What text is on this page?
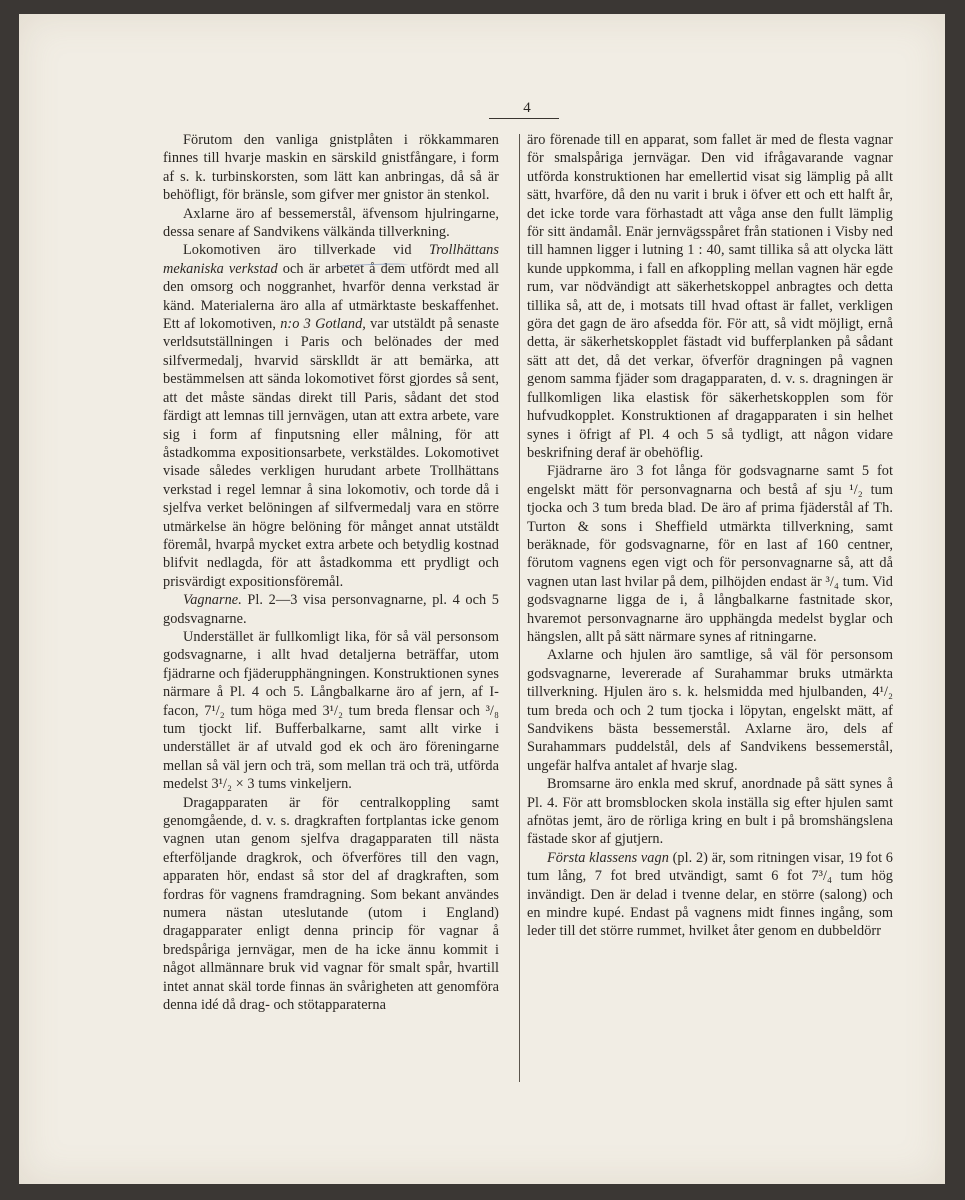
4

Förutom den vanliga gnistplåten i rökkammaren finnes till hvarje maskin en särskild gnistfångare, i form af s. k. turbinskorsten, som lätt kan anbringas, då så är behöfligt, för bränsle, som gifver mer gnistor än stenkol.

Axlarne äro af bessemerstål, äfvensom hjulringarne, dessa senare af Sandvikens välkända tillverkning.

Lokomotiven äro tillverkade vid Trollhättans mekaniska verkstad och är arbetet å dem utfördt med all den omsorg och noggranhet, hvarför denna verkstad är känd. Materialerna äro alla af utmärktaste beskaffenhet. Ett af lokomotiven, n:o 3 Gotland, var utstäldt på senaste verldsutställningen i Paris och belönades der med silfvermedalj, hvarvid särsklldt är att bemärka, att bestämmelsen att sända lokomotivet först gjordes så sent, att det måste sändas direkt till Paris, sådant det stod färdigt att lemnas till jernvägen, utan att extra arbete, vare sig i form af finputsning eller målning, för att åstadkomma expositionsarbete, verkstäldes. Lokomotivet visade således verkligen hurudant arbete Trollhättans verkstad i regel lemnar å sina lokomotiv, och torde då i sjelfva verket belöningen af silfvermedalj vara en större utmärkelse än högre belöning för månget annat utstäldt föremål, hvarpå mycket extra arbete och betydlig kostnad blifvit nedlagda, för att åstadkomma ett prydligt och prisvärdigt expositionsföremål.

Vagnarne. Pl. 2—3 visa personvagnarne, pl. 4 och 5 godsvagnarne.

Understället är fullkomligt lika, för så väl personsom godsvagnarne, i allt hvad detaljerna beträffar, utom fjädrarne och fjäderupphängningen. Konstruktionen synes närmare å Pl. 4 och 5. Långbalkarne äro af jern, af I-facon, 7¹/₂ tum höga med 3¹/₂ tum breda flensar och ³/₈ tum tjockt lif. Bufferbalkarne, samt allt virke i understället är af utvald god ek och äro föreningarne mellan så väl jern och trä, som mellan trä och trä, utförda medelst 3¹/₂ × 3 tums vinkeljern.

Dragapparaten är för centralkoppling samt genomgående, d. v. s. dragkraften fortplantas icke genom vagnen utan genom sjelfva dragapparaten till nästa efterföljande dragkrok, och öfverföres till den vagn, apparaten hör, endast så stor del af dragkraften, som fordras för vagnens framdragning. Som bekant användes numera nästan uteslutande (utom i England) dragapparater enligt denna princip för vagnar å bredspåriga jernvägar, men de ha icke ännu kommit i något allmännare bruk vid vagnar för smalt spår, hvartill intet annat skäl torde finnas än svårigheten att genomföra denna idé då drag- och stötapparaterna

äro förenade till en apparat, som fallet är med de flesta vagnar för smalspåriga jernvägar. Den vid ifrågavarande vagnar utförda konstruktionen har emellertid visat sig lämplig på allt sätt, hvarföre, då den nu varit i bruk i öfver ett och ett halft år, det icke torde vara förhastadt att våga anse den fullt lämplig för sitt ändamål. Enär jernvägsspåret från stationen i Visby ned till hamnen ligger i lutning 1 : 40, samt tillika så att olycka lätt kunde uppkomma, i fall en afkoppling mellan vagnen här egde rum, var nödvändigt att säkerhetskoppel anbragtes och detta tillika så, att de, i motsats till hvad oftast är fallet, verkligen göra det gagn de äro afsedda för. För att, så vidt möjligt, ernå detta, är säkerhetskopplet fästadt vid bufferplanken på sådant sätt att det, då det verkar, öfverför dragningen på vagnen genom samma fjäder som dragapparaten, d. v. s. dragningen är fullkomligen lika elastisk för säkerhetskopplen som för hufvudkopplet. Konstruktionen af dragapparaten i sin helhet synes i öfrigt af Pl. 4 och 5 så tydligt, att någon vidare beskrifning deraf är obehöflig.

Fjädrarne äro 3 fot långa för godsvagnarne samt 5 fot engelskt mätt för personvagnarna och bestå af sju ¹/₂ tum tjocka och 3 tum breda blad. De äro af prima fjäderstål af Th. Turton & sons i Sheffield utmärkta tillverkning, samt beräknade, för godsvagnarne, för en last af 160 centner, förutom vagnens egen vigt och för personvagnarne så, att då vagnen utan last hvilar på dem, pilhöjden endast är ³/₄ tum. Vid godsvagnarne ligga de i, å långbalkarne fastnitade skor, hvaremot personvagnarne äro upphängda medelst byglar och hängslen, allt på sätt närmare synes af ritningarne.

Axlarne och hjulen äro samtlige, så väl för personsom godsvagnarne, levererade af Surahammar bruks utmärkta tillverkning. Hjulen äro s. k. helsmidda med hjulbanden, 4¹/₂ tum breda och och 2 tum tjocka i löpytan, engelskt mätt, af Sandvikens bästa bessemerstål. Axlarne äro, dels af Surahammars puddelstål, dels af Sandvikens bessemerstål, ungefär halfva antalet af hvarje slag.

Bromsarne äro enkla med skruf, anordnade på sätt synes å Pl. 4. För att bromsblocken skola inställa sig efter hjulen samt afnötas jemt, äro de rörliga kring en bult i på bromshängslena fästade skor af gjutjern.

Första klassens vagn (pl. 2) är, som ritningen visar, 19 fot 6 tum lång, 7 fot bred utvändigt, samt 6 fot 7³/₄ tum hög invändigt. Den är delad i tvenne delar, en större (salong) och en mindre kupé. Endast på vagnens midt finnes ingång, som leder till det större rummet, hvilket åter genom en dubbeldörr
